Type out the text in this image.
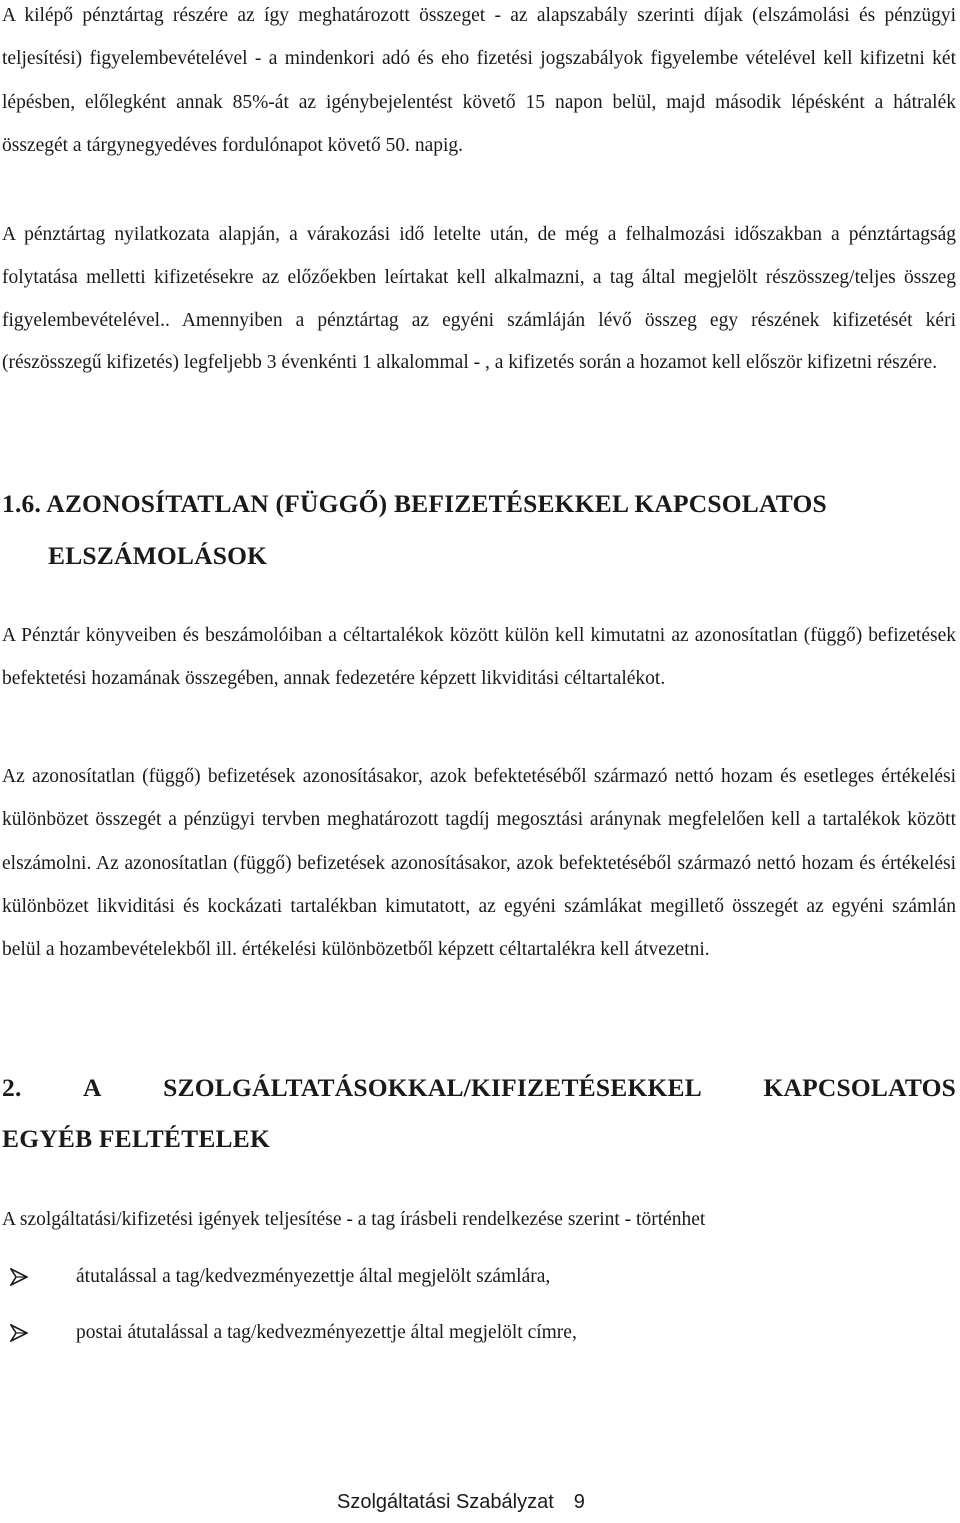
A kilépő pénztártag részére az így meghatározott összeget - az alapszabály szerinti díjak (elszámolási és pénzügyi teljesítési) figyelembevételével - a mindenkori adó és eho fizetési jogszabályok figyelembe vételével kell kifizetni két lépésben, előlegként annak 85%-át az igénybejelentést követő 15 napon belül, majd második lépésként a hátralék összegét a tárgynegyedéves fordulónapot követő 50. napig.

A pénztártag nyilatkozata alapján, a várakozási idő letelte után, de még a felhalmozási időszakban a pénztártagság folytatása melletti kifizetésekre az előzőekben leírtakat kell alkalmazni, a tag által megjelölt részösszeg/teljes összeg figyelembevételével.. Amennyiben a pénztártag az egyéni számláján lévő összeg egy részének kifizetését kéri (részösszegű kifizetés) legfeljebb 3 évenkénti 1 alkalommal - , a kifizetés során a hozamot kell először kifizetni részére.

1.6. AZONOSÍTATLAN (FÜGGŐ) BEFIZETÉSEKKEL KAPCSOLATOS
ELSZÁMOLÁSOK

A Pénztár könyveiben és beszámolóiban a céltartalékok között külön kell kimutatni az azonosítatlan (függő) befizetések befektetési hozamának összegében, annak fedezetére képzett likviditási céltartalékot.

Az azonosítatlan (függő) befizetések azonosításakor, azok befektetéséből származó nettó hozam és esetleges értékelési különbözet összegét a pénzügyi tervben meghatározott tagdíj megosztási aránynak megfelelően kell a tartalékok között elszámolni. Az azonosítatlan (függő) befizetések azonosításakor, azok befektetéséből származó nettó hozam és értékelési különbözet likviditási és kockázati tartalékban kimutatott, az egyéni számlákat megillető összegét az egyéni számlán belül a hozambevételekből ill. értékelési különbözetből képzett céltartalékra kell átvezetni.

2. A SZOLGÁLTATÁSOKKAL/KIFIZETÉSEKKEL KAPCSOLATOS
EGYÉB FELTÉTELEK

A szolgáltatási/kifizetési igények teljesítése - a tag írásbeli rendelkezése szerint - történhet

átutalással a tag/kedvezményezettje által megjelölt számlára,
postai átutalással a tag/kedvezményezettje által megjelölt címre,
Szolgáltatási Szabályzat 9
